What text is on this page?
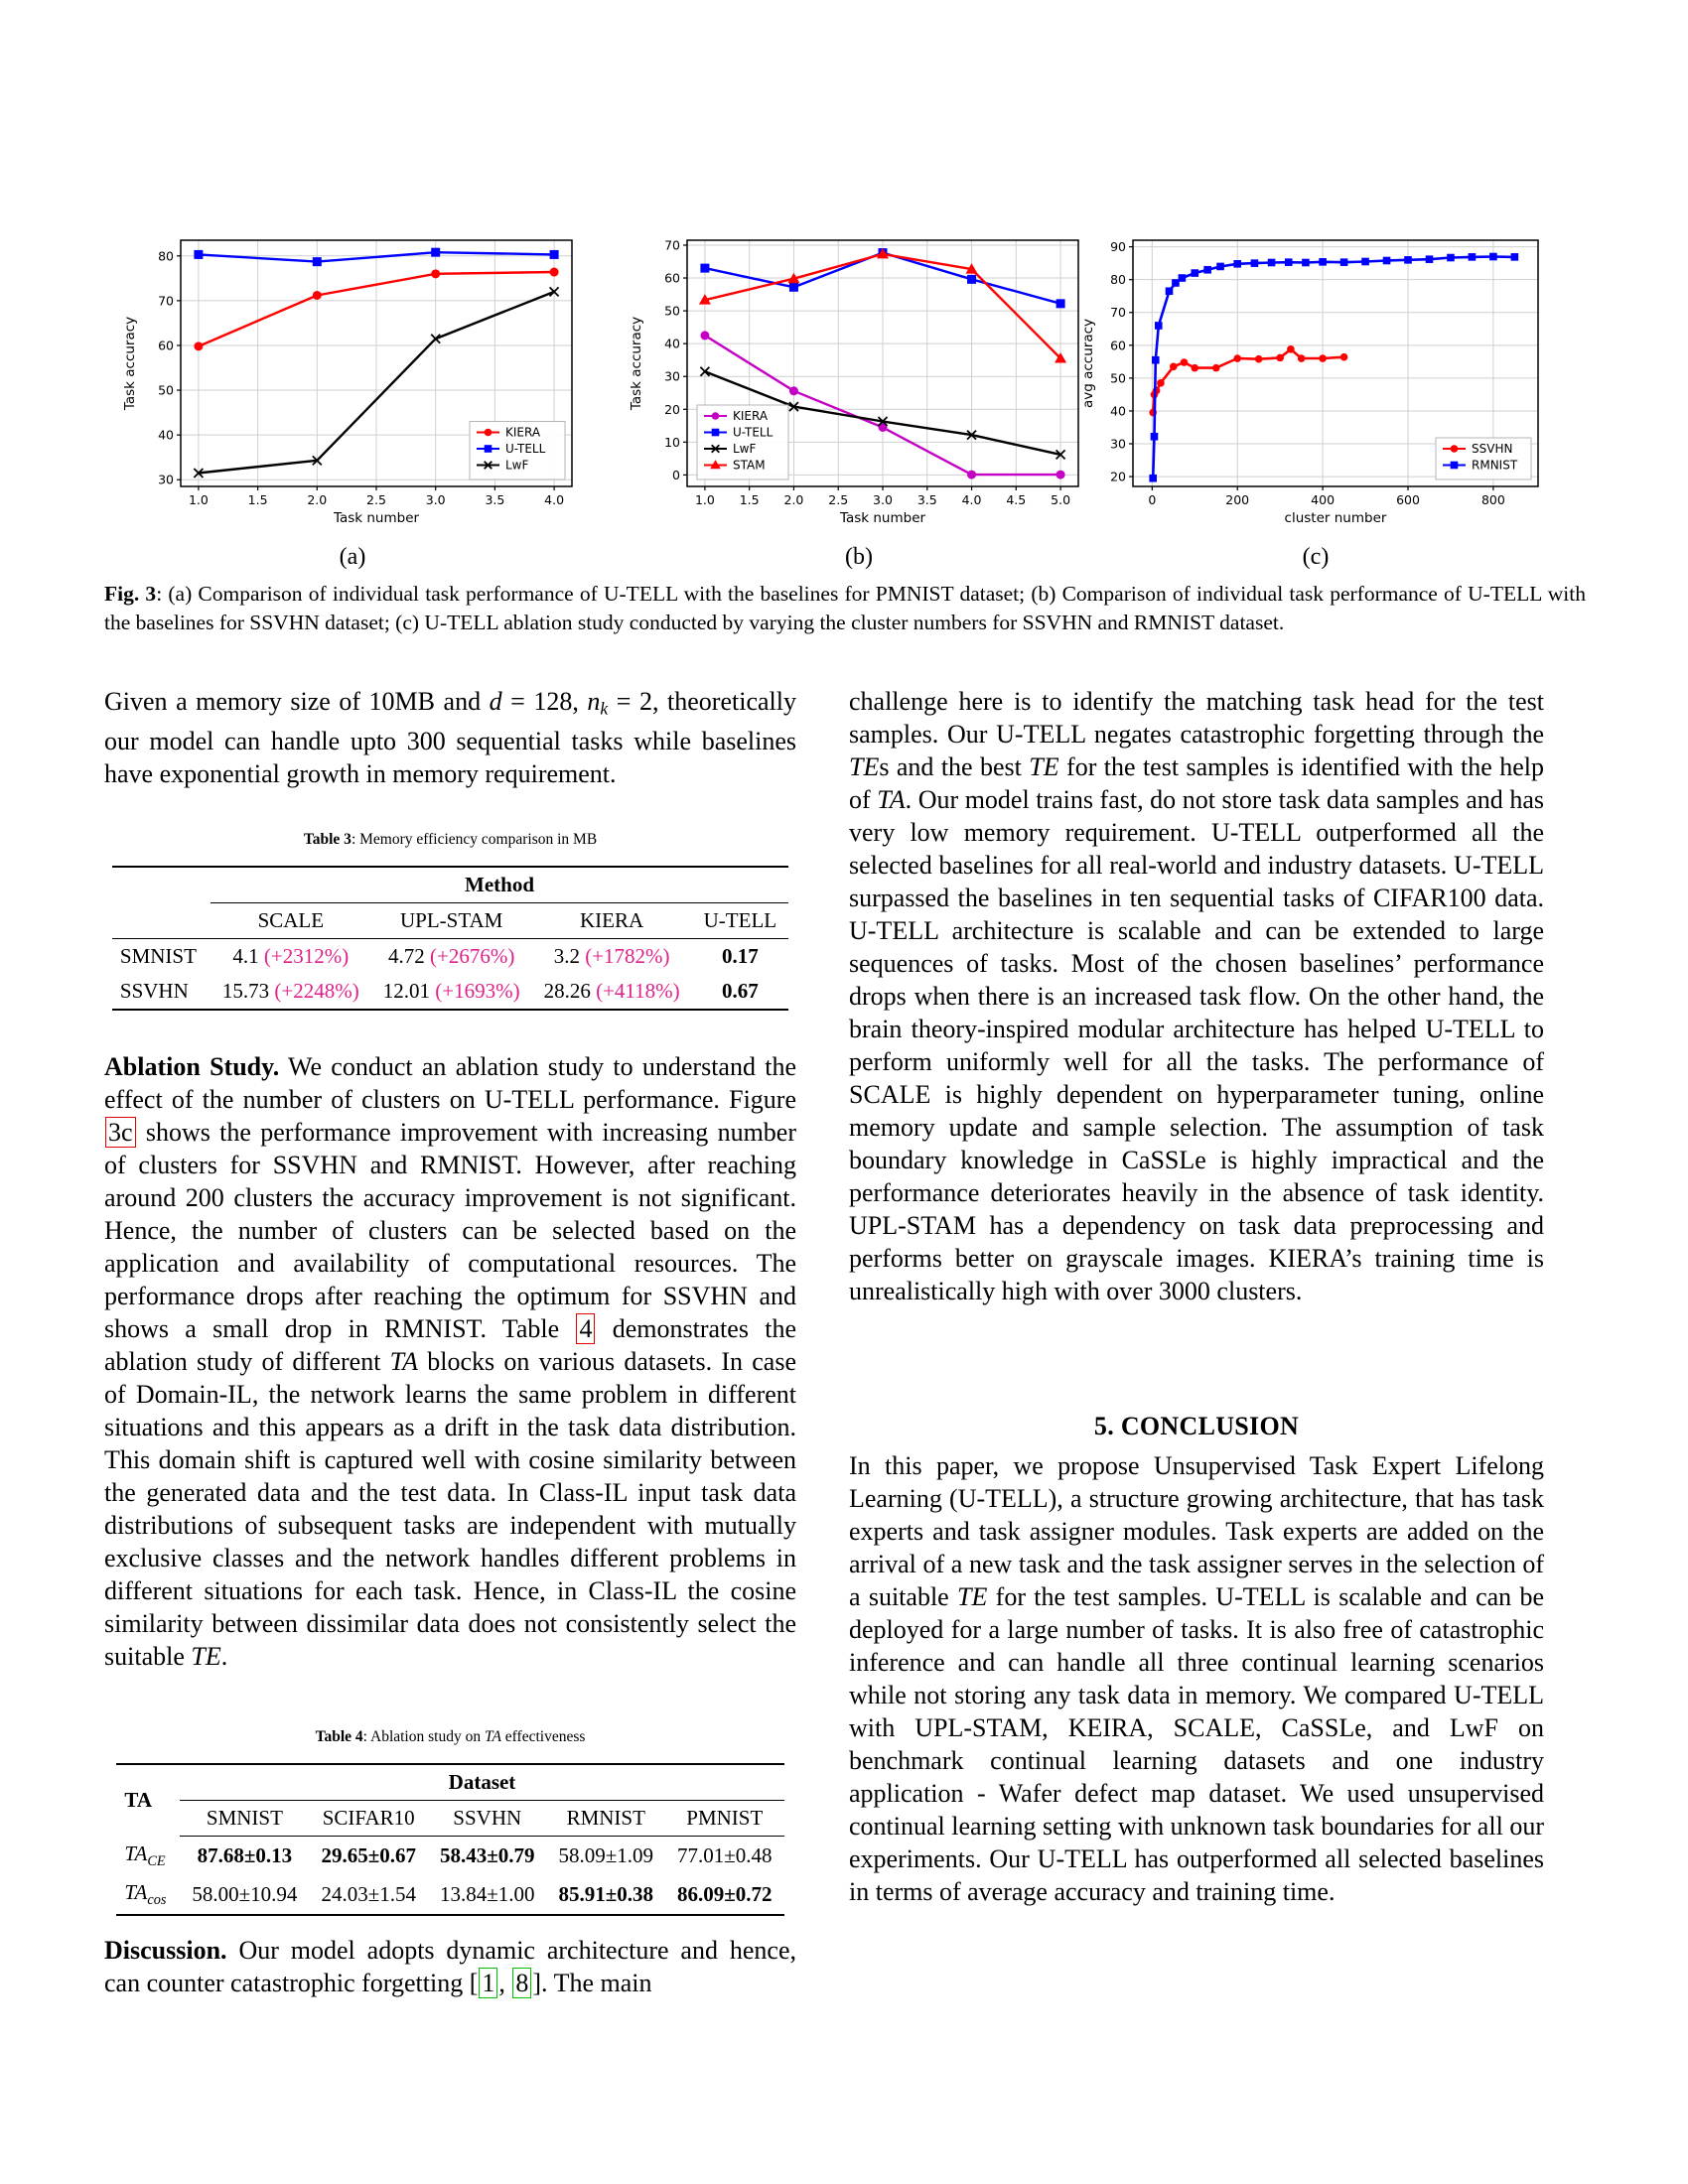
1.0	1.5	2.0	2.5	3.0	3.5	4.0
30
40
50
60
70
80
Task number
Task accuracy
KIERA
U-TELL
LwF
1.0 1.5 2.0 2.5 3.0 3.5 4.0 4.5 5.0
0
10
20
30
40
50
60
70
Task number
Task accuracy
KIERA
U-TELL
LwF
STAM
0	200	400	600	800
20
30
40
50
60
70
80
90
cluster number
avg accuracy
SSVHN
RMNIST
(a)	(b)	(c)
Fig. 3: (a) Comparison of individual task performance of U-TELL with the baselines for PMNIST dataset; (b) Comparison of individual task performance of U-TELL with the baselines for SSVHN dataset; (c) U-TELL ablation study conducted by varying the cluster numbers for SSVHN and RMNIST dataset.

Given a memory size of 10MB and d = 128, nk = 2, theoretically our model can handle upto 300 sequential tasks while baselines have exponential growth in memory requirement.

Table 3: Memory efficiency comparison in MB
	Method			
	SCALE	UPL-STAM	KIERA	U-TELL
SMNIST	4.1 (+2312%)	4.72 (+2676%)	3.2 (+1782%)	0.17
SSVHN	15.73 (+2248%)	12.01 (+1693%)	28.26 (+4118%)	0.67

Ablation Study. We conduct an ablation study to understand the effect of the number of clusters on U-TELL performance. Figure 3c shows the performance improvement with increasing number of clusters for SSVHN and RMNIST. However, after reaching around 200 clusters the accuracy improvement is not significant. Hence, the number of clusters can be selected based on the application and availability of computational resources. The performance drops after reaching the optimum for SSVHN and shows a small drop in RMNIST. Table 4 demonstrates the ablation study of different TA blocks on various datasets. In case of Domain-IL, the network learns the same problem in different situations and this appears as a drift in the task data distribution. This domain shift is captured well with cosine similarity between the generated data and the test data. In Class-IL input task data distributions of subsequent tasks are independent with mutually exclusive classes and the network handles different problems in different situations for each task. Hence, in Class-IL the cosine similarity between dissimilar data does not consistently select the suitable TE.

Table 4: Ablation study on TA effectiveness
TA	Dataset				
	SMNIST	SCIFAR10	SSVHN	RMNIST	PMNIST
$TA_{CE}$	87.68±0.13	29.65±0.67	58.43±0.79	58.09±1.09	77.01±0.48
$TA_{cos}$	58.00±10.94	24.03±1.54	13.84±1.00	85.91±0.38	86.09±0.72

Discussion. Our model adopts dynamic architecture and hence, can counter catastrophic forgetting [ 1 , 8 ]. The main

challenge here is to identify the matching task head for the test samples. Our U-TELL negates catastrophic forgetting through the TEs and the best TE for the test samples is identified with the help of TA. Our model trains fast, do not store task data samples and has very low memory requirement. U-TELL outperformed all the selected baselines for all real-world and industry datasets. U-TELL surpassed the baselines in ten sequential tasks of CIFAR100 data. U-TELL architecture is scalable and can be extended to large sequences of tasks. Most of the chosen baselines’ performance drops when there is an increased task flow. On the other hand, the brain theory-inspired modular architecture has helped U-TELL to perform uniformly well for all the tasks. The performance of SCALE is highly dependent on hyperparameter tuning, online memory update and sample selection. The assumption of task boundary knowledge in CaSSLe is highly impractical and the performance deteriorates heavily in the absence of task identity. UPL-STAM has a dependency on task data preprocessing and performs better on grayscale images. KIERA’s training time is unrealistically high with over 3000 clusters.

5. CONCLUSION

In this paper, we propose Unsupervised Task Expert Lifelong Learning (U-TELL), a structure growing architecture, that has task experts and task assigner modules. Task experts are added on the arrival of a new task and the task assigner serves in the selection of a suitable TE for the test samples. U-TELL is scalable and can be deployed for a large number of tasks. It is also free of catastrophic inference and can handle all three continual learning scenarios while not storing any task data in memory. We compared U-TELL with UPL-STAM, KEIRA, SCALE, CaSSLe, and LwF on benchmark continual learning datasets and one industry application - Wafer defect map dataset. We used unsupervised continual learning setting with unknown task boundaries for all our experiments. Our U-TELL has outperformed all selected baselines in terms of average accuracy and training time.
